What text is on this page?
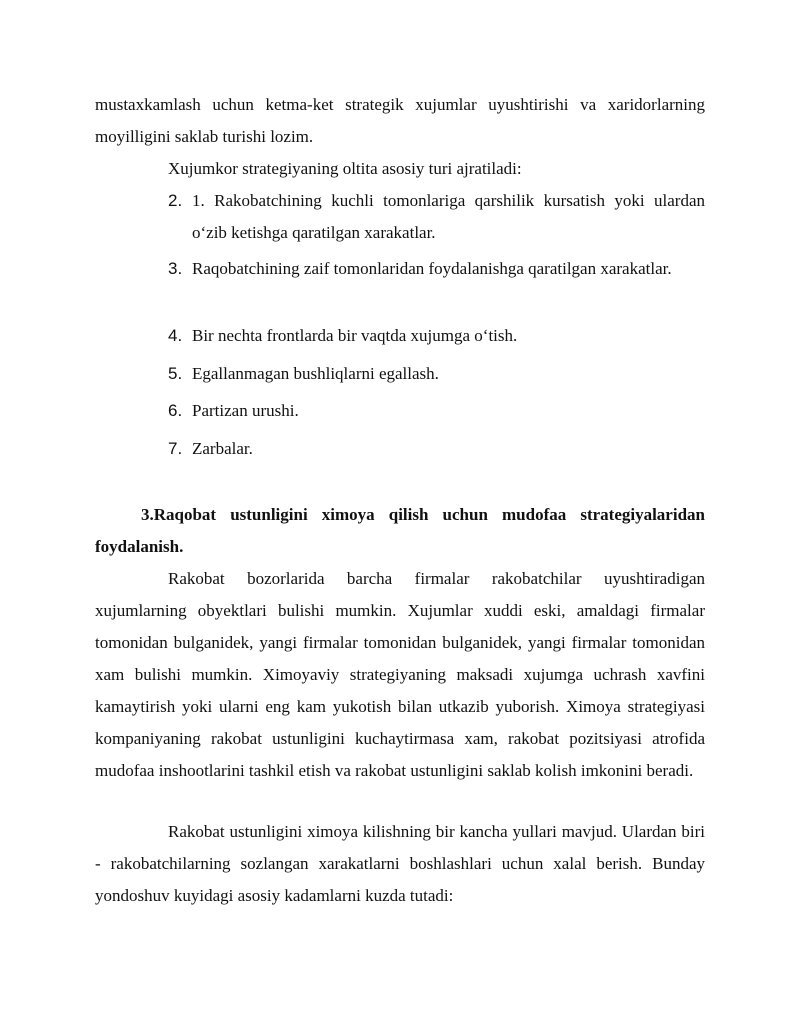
mustaxkamlash uchun ketma-ket strategik xujumlar uyushtirishi va xaridorlarning moyilligini saklab turishi lozim.
Xujumkor strategiyaning oltita asosiy turi ajratiladi:
2. 1. Rakobatchining kuchli tomonlariga qarshilik kursatish yoki ulardan o‘zib ketishga qaratilgan xarakatlar.
3. Raqobatchining zaif tomonlaridan foydalanishga qaratilgan xarakatlar.
4. Bir nechta frontlarda bir vaqtda xujumga o‘tish.
5. Egallanmagan bushliqlarni egallash.
6. Partizan urushi.
7. Zarbalar.
3.Raqobat ustunligini ximoya qilish uchun mudofaa strategiyalaridan foydalanish.
Rakobat bozorlarida barcha firmalar rakobatchilar uyushtiradigan xujumlarning obyektlari bulishi mumkin. Xujumlar xuddi eski, amaldagi firmalar tomonidan bulganidek, yangi firmalar tomonidan bulganidek, yangi firmalar tomonidan xam bulishi mumkin. Ximoyaviy strategiyaning maksadi xujumga uchrash xavfini kamaytirish yoki ularni eng kam yukotish bilan utkazib yuborish. Ximoya strategiyasi kompaniyaning rakobat ustunligini kuchaytirmasa xam, rakobat pozitsiyasi atrofida mudofaa inshootlarini tashkil etish va rakobat ustunligini saklab kolish imkonini beradi.
Rakobat ustunligini ximoya kilishning bir kancha yullari mavjud. Ulardan biri - rakobatchilarning sozlangan xarakatlarni boshlashlari uchun xalal berish. Bunday yondoshuv kuyidagi asosiy kadamlarni kuzda tutadi:
